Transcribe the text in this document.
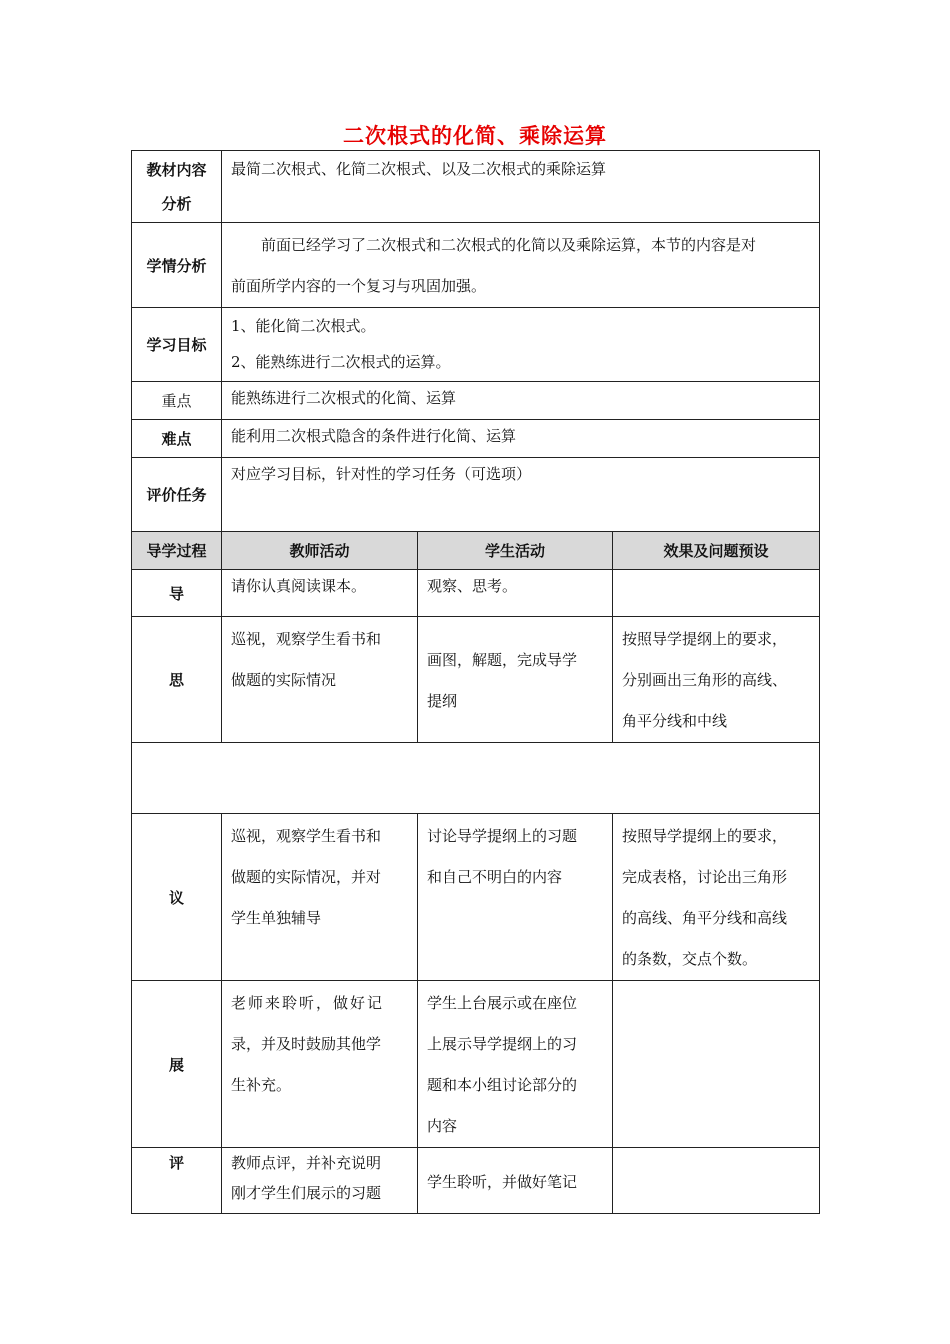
二次根式的化简、乘除运算
教材内容
分析	最简二次根式、化简二次根式、以及二次根式的乘除运算		
学情分析	前面已经学习了二次根式和二次根式的化简以及乘除运算，本节的内容是对
前面所学内容的一个复习与巩固加强。		

学习目标	1、能化简二次根式。
2、能熟练进行二次根式的运算。		

重点	能熟练进行二次根式的化简、运算		
难点	能利用二次根式隐含的条件进行化简、运算		
评价任务	对应学习目标，针对性的学习任务（可选项）		
导学过程	教师活动	学生活动	效果及问题预设
导	请你认真阅读课本。	观察、思考。	

思	巡视，观察学生看书和
做题的实际情况	画图，解题，完成导学
提纲	按照导学提纲上的要求，
分别画出三角形的高线、
角平分线和中线

议	巡视，观察学生看书和
做题的实际情况，并对
学生单独辅导	讨论导学提纲上的习题
和自己不明白的内容	按照导学提纲上的要求，
完成表格，讨论出三角形
的高线、角平分线和高线
的条数，交点个数。

展	老师来聆听，做好记
录，并及时鼓励其他学
生补充。	学生上台展示或在座位
上展示导学提纲上的习
题和本小组讨论部分的
内容	

评	教师点评，并补充说明
刚才学生们展示的习题	学生聆听，并做好笔记	
